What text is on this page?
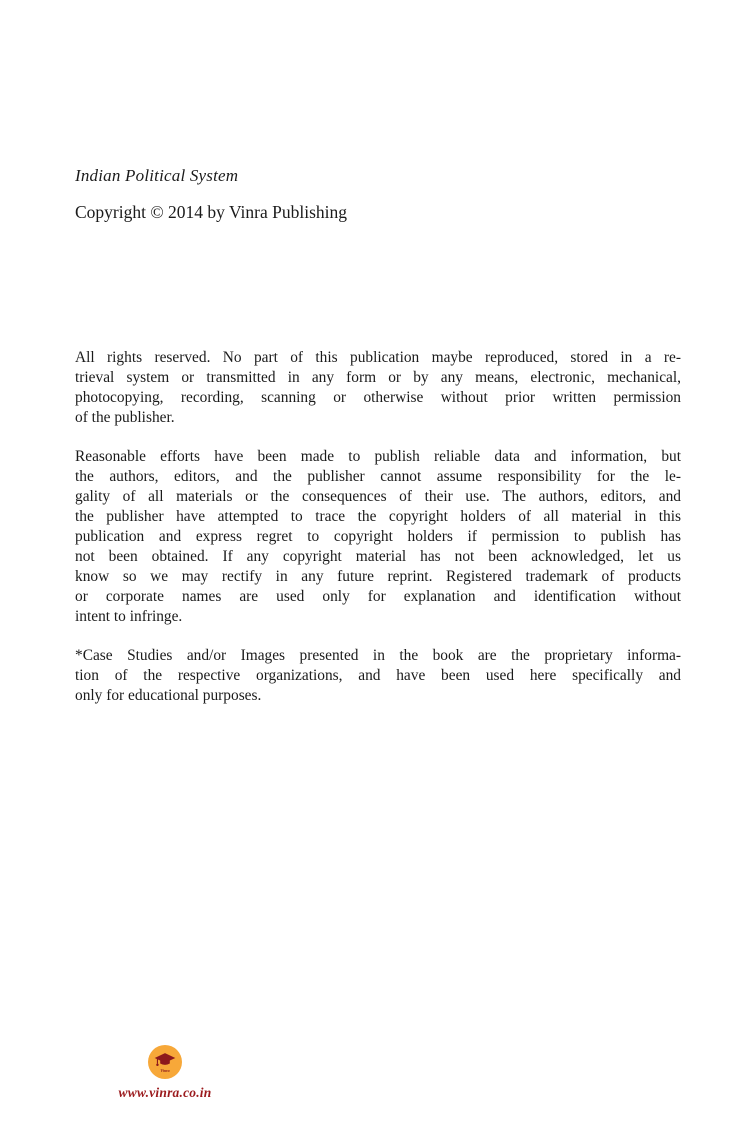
Indian Political System
Copyright © 2014 by Vinra Publishing
All rights reserved. No part of this publication maybe reproduced, stored in a re-
trieval system or transmitted in any form or by any means, electronic, mechanical,
photocopying, recording, scanning or otherwise without prior written permission
of the publisher.
Reasonable efforts have been made to publish reliable data and information, but
the authors, editors, and the publisher cannot assume responsibility for the le-
gality of all materials or the consequences of their use. The authors, editors, and
the publisher have attempted to trace the copyright holders of all material in this
publication and express regret to copyright holders if permission to publish has
not been obtained. If any copyright material has not been acknowledged, let us
know so we may rectify in any future reprint. Registered trademark of products
or corporate names are used only for explanation and identification without
intent to infringe.
*Case Studies and/or Images presented in the book are the proprietary informa-
tion of the respective organizations, and have been used here specifically and
only for educational purposes.
Vinra
www.vinra.co.in
